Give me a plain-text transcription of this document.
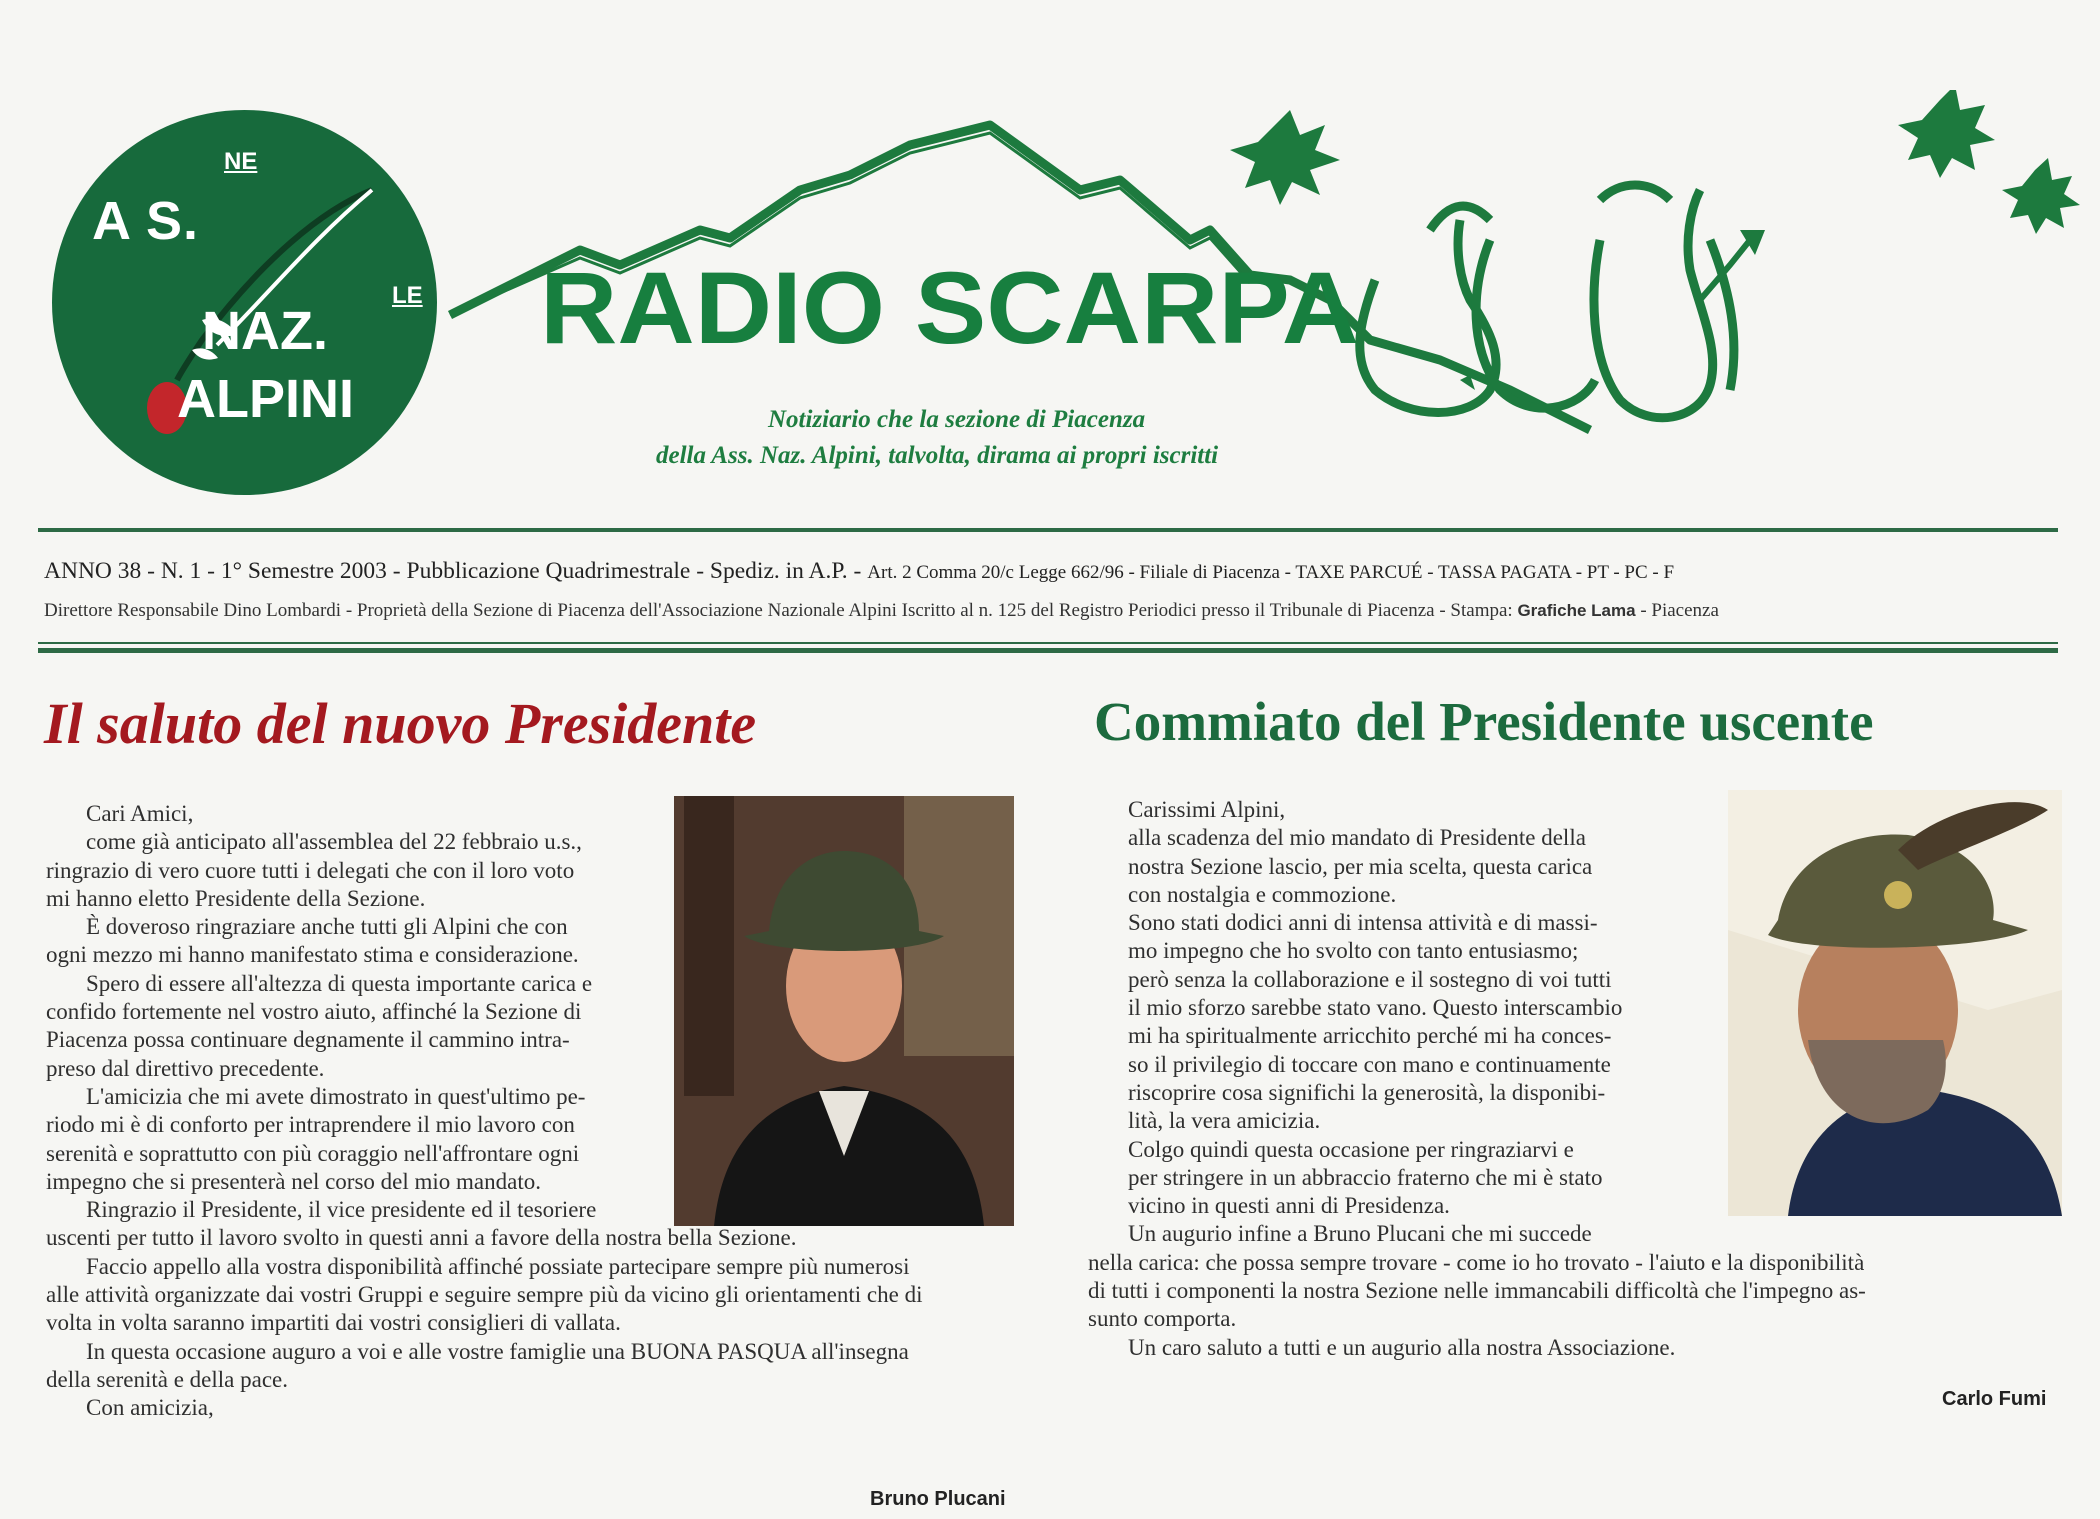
A S.
NE
NAZ.
LE
ALPINI
RADIO SCARPA
Notiziario che la sezione di Piacenza
della Ass. Naz. Alpini, talvolta, dirama ai propri iscritti
ANNO 38 - N. 1 - 1° Semestre 2003 - Pubblicazione Quadrimestrale - Spediz. in A.P. - Art. 2 Comma 20/c Legge 662/96 - Filiale di Piacenza - TAXE PARCUÉ - TASSA PAGATA - PT - PC - F
Direttore Responsabile Dino Lombardi - Proprietà della Sezione di Piacenza dell'Associazione Nazionale Alpini Iscritto al n. 125 del Registro Periodici presso il Tribunale di Piacenza - Stampa: Grafiche Lama - Piacenza
Il saluto del nuovo Presidente	Commiato del Presidente uscente

Cari Amici,

come già anticipato all'assemblea del 22 febbraio u.s.,

ringrazio di vero cuore tutti i delegati che con il loro voto

mi hanno eletto Presidente della Sezione.

È doveroso ringraziare anche tutti gli Alpini che con

ogni mezzo mi hanno manifestato stima e considerazione.

Spero di essere all'altezza di questa importante carica e

confido fortemente nel vostro aiuto, affinché la Sezione di

Piacenza possa continuare degnamente il cammino intra-

preso dal direttivo precedente.

L'amicizia che mi avete dimostrato in quest'ultimo pe-

riodo mi è di conforto per intraprendere il mio lavoro con

serenità e soprattutto con più coraggio nell'affrontare ogni

impegno che si presenterà nel corso del mio mandato.

Ringrazio il Presidente, il vice presidente ed il tesoriere

uscenti per tutto il lavoro svolto in questi anni a favore della nostra bella Sezione.

Faccio appello alla vostra disponibilità affinché possiate partecipare sempre più numerosi

alle attività organizzate dai vostri Gruppi e seguire sempre più da vicino gli orientamenti che di

volta in volta saranno impartiti dai vostri consiglieri di vallata.

In questa occasione auguro a voi e alle vostre famiglie una BUONA PASQUA all'insegna

della serenità e della pace.

Con amicizia,

Bruno Plucani

Carissimi Alpini,

alla scadenza del mio mandato di Presidente della

nostra Sezione lascio, per mia scelta, questa carica

con nostalgia e commozione.

Sono stati dodici anni di intensa attività e di massi-

mo impegno che ho svolto con tanto entusiasmo;

però senza la collaborazione e il sostegno di voi tutti

il mio sforzo sarebbe stato vano. Questo interscambio

mi ha spiritualmente arricchito perché mi ha conces-

so il privilegio di toccare con mano e continuamente

riscoprire cosa significhi la generosità, la disponibi-

lità, la vera amicizia.

Colgo quindi questa occasione per ringraziarvi e

per stringere in un abbraccio fraterno che mi è stato

vicino in questi anni di Presidenza.

Un augurio infine a Bruno Plucani che mi succede

nella carica: che possa sempre trovare - come io ho trovato - l'aiuto e la disponibilità

di tutti i componenti la nostra Sezione nelle immancabili difficoltà che l'impegno as-

sunto comporta.

Un caro saluto a tutti e un augurio alla nostra Associazione.

Carlo Fumi
